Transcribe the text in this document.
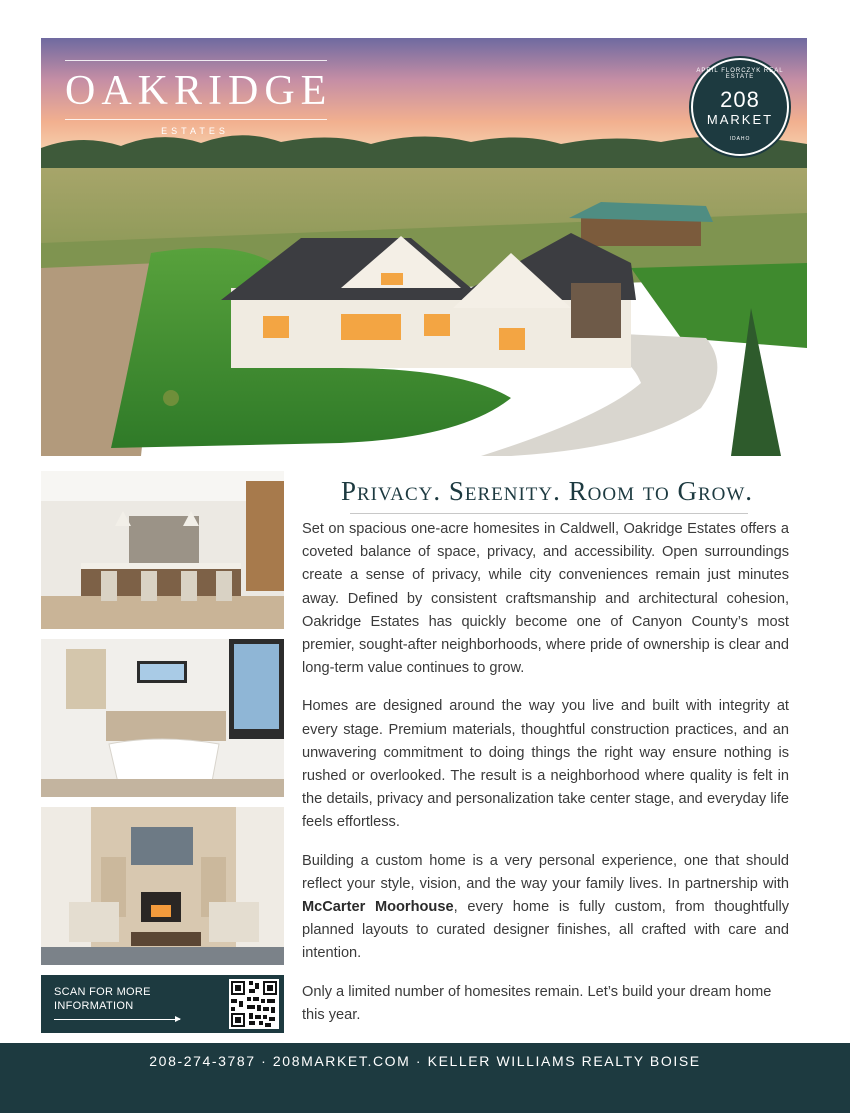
OAKRIDGE
ESTATES
APRIL FLORCZYK REAL ESTATE
208
MARKET
IDAHO
SCAN FOR MORE INFORMATION
Privacy. Serenity. Room to Grow.

Set on spacious one-acre homesites in Caldwell, Oakridge Estates offers a coveted balance of space, privacy, and accessibility. Open surroundings create a sense of privacy, while city conveniences remain just minutes away. Defined by consistent craftsmanship and architectural cohesion, Oakridge Estates has quickly become one of Canyon County’s most premier, sought-after neighborhoods, where pride of ownership is clear and long-term value continues to grow.

Homes are designed around the way you live and built with integrity at every stage. Premium materials, thoughtful construction practices, and an unwavering commitment to doing things the right way ensure nothing is rushed or overlooked. The result is a neighborhood where quality is felt in the details, privacy and personalization take center stage, and everyday life feels effortless.

Building a custom home is a very personal experience, one that should reflect your style, vision, and the way your family lives. In partnership with McCarter Moorhouse, every home is fully custom, from thoughtfully planned layouts to curated designer finishes, all crafted with care and intention.

Only a limited number of homesites remain. Let’s build your dream home this year.

208-274-3787 · 208MARKET.COM · KELLER WILLIAMS REALTY BOISE
